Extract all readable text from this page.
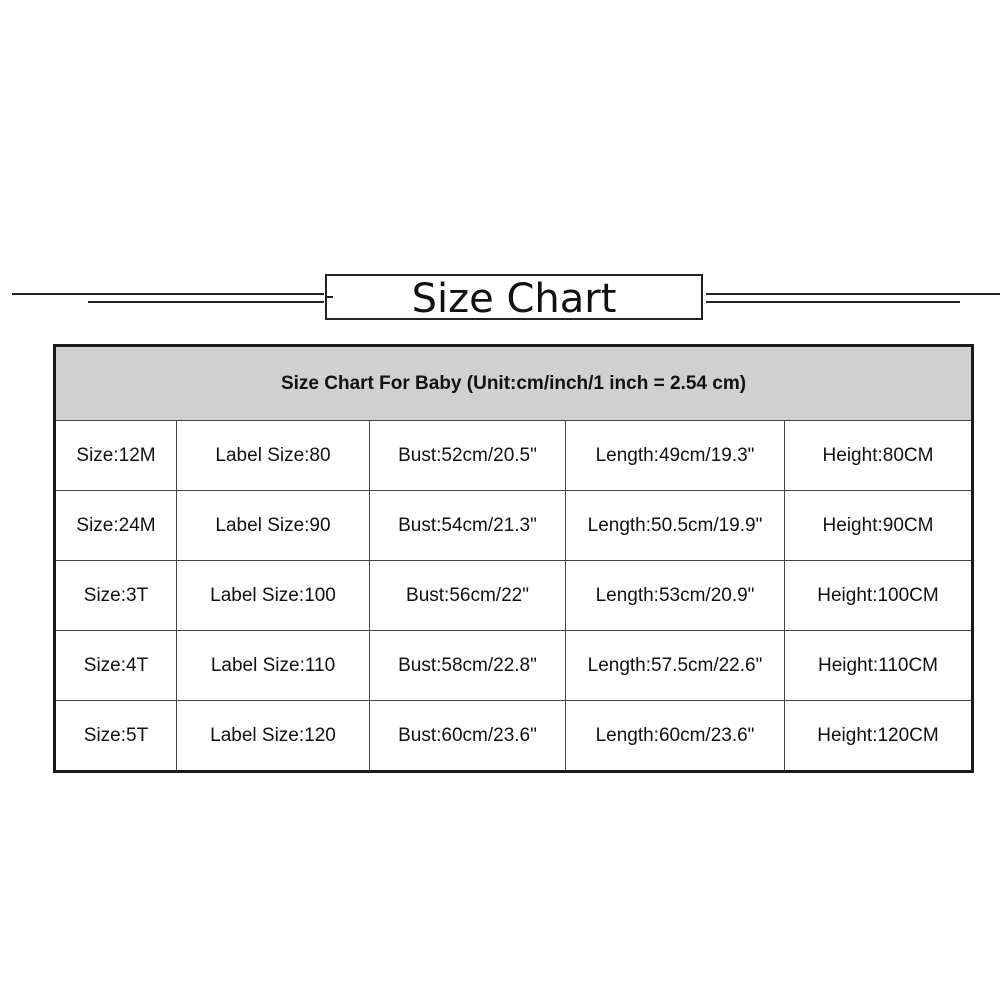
Size Chart
Size Chart For Baby (Unit:cm/inch/1 inch = 2.54 cm)
Size:12M	Label Size:80	Bust:52cm/20.5"	Length:49cm/19.3"	Height:80CM
Size:24M	Label Size:90	Bust:54cm/21.3"	Length:50.5cm/19.9"	Height:90CM
Size:3T	Label Size:100	Bust:56cm/22"	Length:53cm/20.9"	Height:100CM
Size:4T	Label Size:110	Bust:58cm/22.8"	Length:57.5cm/22.6"	Height:110CM
Size:5T	Label Size:120	Bust:60cm/23.6"	Length:60cm/23.6"	Height:120CM
